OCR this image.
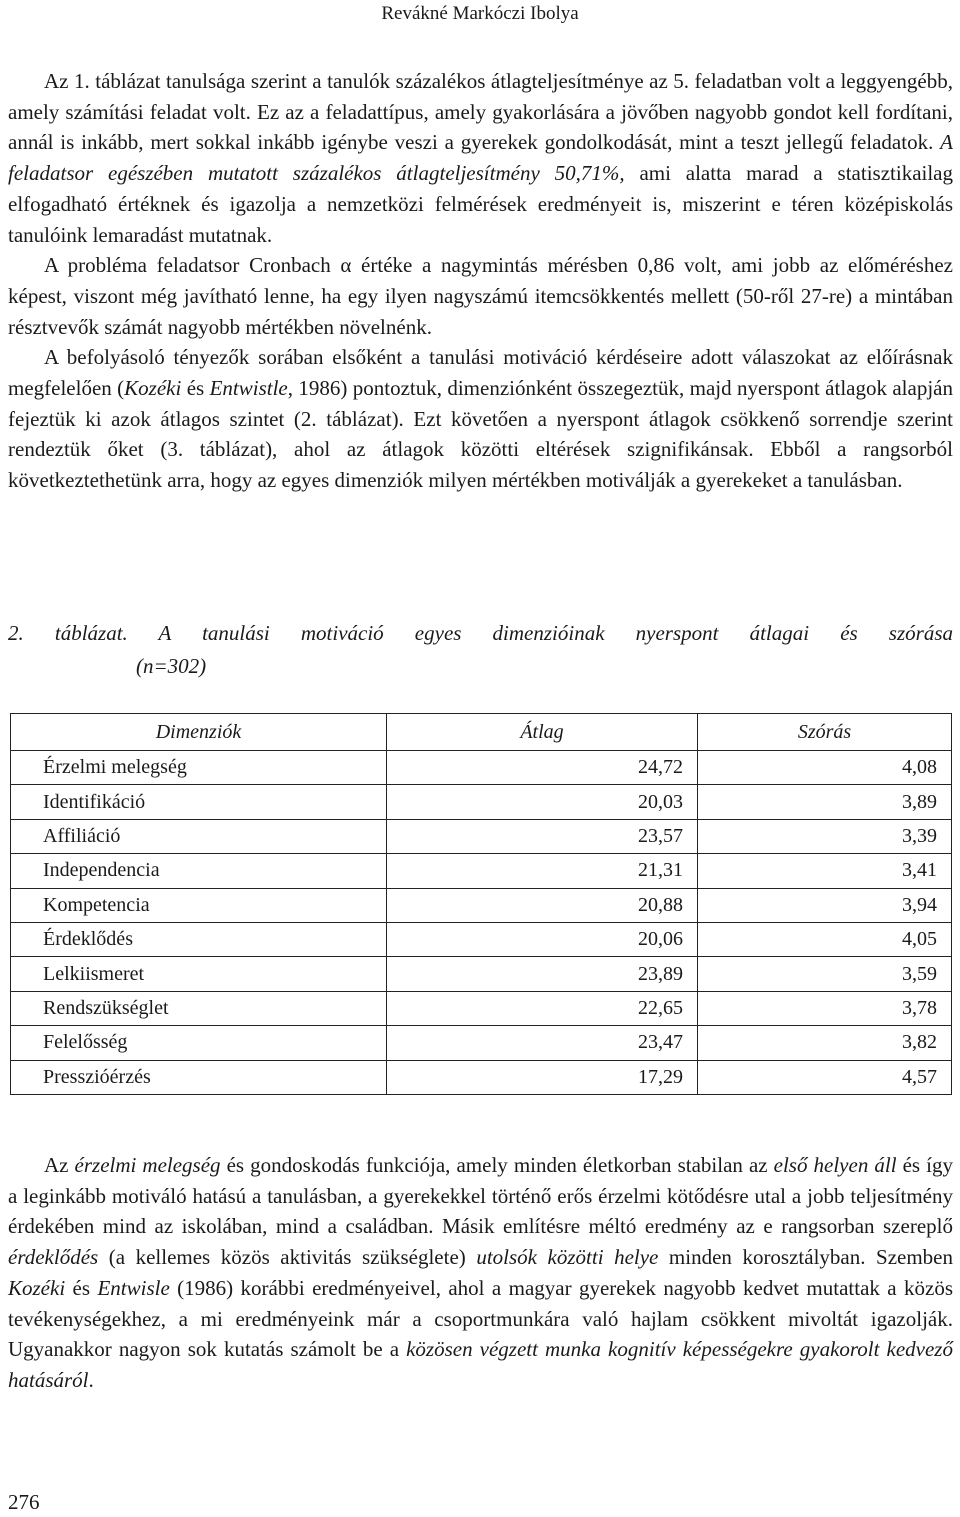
Revákné Markóczi Ibolya

Az 1. táblázat tanulsága szerint a tanulók százalékos átlagteljesítménye az 5. feladatban volt a leggyengébb, amely számítási feladat volt. Ez az a feladattípus, amely gyakorlására a jövőben nagyobb gondot kell fordítani, annál is inkább, mert sokkal inkább igénybe veszi a gyerekek gondolkodását, mint a teszt jellegű feladatok. A feladatsor egészében mutatott százalékos átlagteljesítmény 50,71%, ami alatta marad a statisztikailag elfogadható értéknek és igazolja a nemzetközi felmérések eredményeit is, miszerint e téren középiskolás tanulóink lemaradást mutatnak.

A probléma feladatsor Cronbach α értéke a nagymintás mérésben 0,86 volt, ami jobb az előméréshez képest, viszont még javítható lenne, ha egy ilyen nagyszámú itemcsökkentés mellett (50-ről 27-re) a mintában résztvevők számát nagyobb mértékben növelnénk.

A befolyásoló tényezők sorában elsőként a tanulási motiváció kérdéseire adott válaszokat az előírásnak megfelelően (Kozéki és Entwistle, 1986) pontoztuk, dimenziónként összegeztük, majd nyerspont átlagok alapján fejeztük ki azok átlagos szintet (2. táblázat). Ezt követően a nyerspont átlagok csökkenő sorrendje szerint rendeztük őket (3. táblázat), ahol az átlagok közötti eltérések szignifikánsak. Ebből a rangsorból következtethetünk arra, hogy az egyes dimenziók milyen mértékben motiválják a gyerekeket a tanulásban.

2. táblázat. A tanulási motiváció egyes dimenzióinak nyerspont átlagai és szórása
(n=302)
Dimenziók	Átlag	Szórás
Érzelmi melegség	24,72	4,08
Identifikáció	20,03	3,89
Affiliáció	23,57	3,39
Independencia	21,31	3,41
Kompetencia	20,88	3,94
Érdeklődés	20,06	4,05
Lelkiismeret	23,89	3,59
Rendszükséglet	22,65	3,78
Felelősség	23,47	3,82
Presszióérzés	17,29	4,57

Az érzelmi melegség és gondoskodás funkciója, amely minden életkorban stabilan az első helyen áll és így a leginkább motiváló hatású a tanulásban, a gyerekekkel történő erős érzelmi kötődésre utal a jobb teljesítmény érdekében mind az iskolában, mind a családban. Másik említésre méltó eredmény az e rangsorban szereplő érdeklődés (a kellemes közös aktivitás szükséglete) utolsók közötti helye minden korosztályban. Szemben Kozéki és Entwisle (1986) korábbi eredményeivel, ahol a magyar gyerekek nagyobb kedvet mutattak a közös tevékenységekhez, a mi eredményeink már a csoportmunkára való hajlam csökkent mivoltát igazolják. Ugyanakkor nagyon sok kutatás számolt be a közösen végzett munka kognitív képességekre gyakorolt kedvező hatásáról.

276
